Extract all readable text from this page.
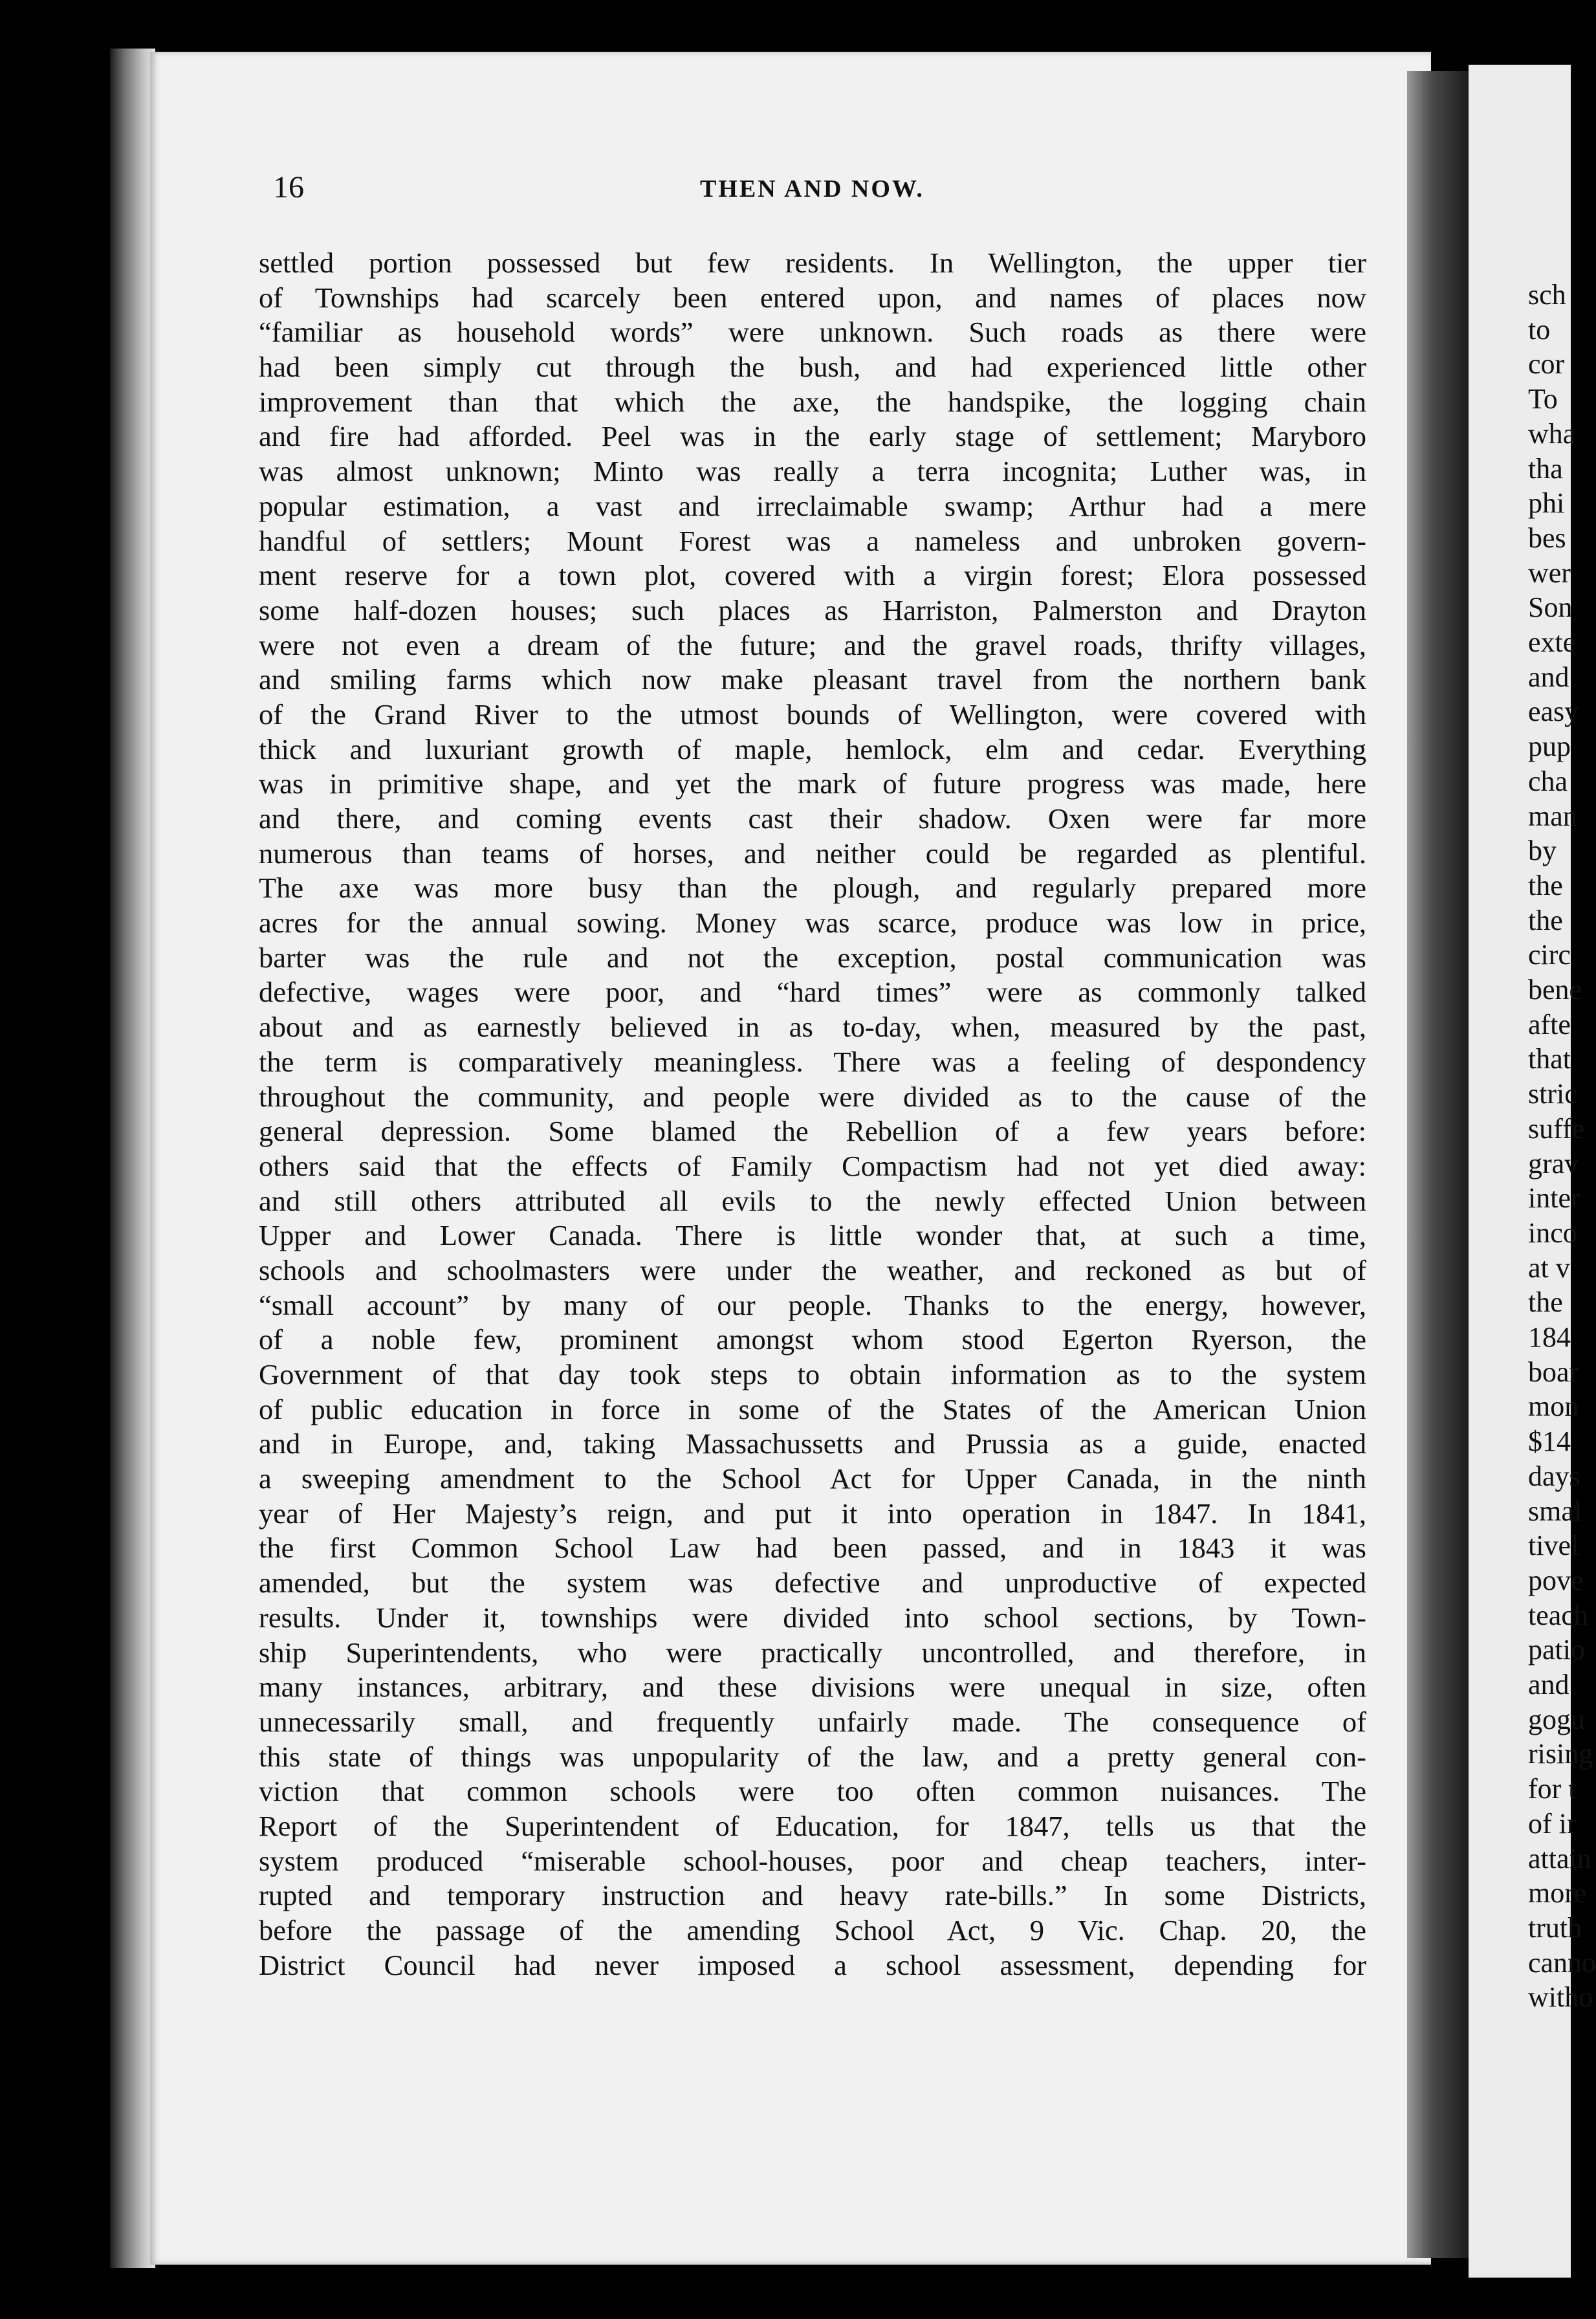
sch
to
cor
To
wha
tha
phi
bes
wer
Son
exte
and
easy
pup
cha
man
by
the
the
circ
bene
afte
that
stric
suffe
grav
inter
inco
at v
the
184
boar
mon
$14
days
smal
tivel
pove
teach
patio
and
gogu
rising
for t
of ir
attain
more
truth
canno
witho
16	THEN AND NOW.
settled portion possessed but few residents. In Wellington, the upper tier
of Townships had scarcely been entered upon, and names of places now
“familiar as household words” were unknown. Such roads as there were
had been simply cut through the bush, and had experienced little other
improvement than that which the axe, the handspike, the logging chain
and fire had afforded. Peel was in the early stage of settlement; Maryboro
was almost unknown; Minto was really a terra incognita; Luther was, in
popular estimation, a vast and irreclaimable swamp; Arthur had a mere
handful of settlers; Mount Forest was a nameless and unbroken govern-
ment reserve for a town plot, covered with a virgin forest; Elora possessed
some half-dozen houses; such places as Harriston, Palmerston and Drayton
were not even a dream of the future; and the gravel roads, thrifty villages,
and smiling farms which now make pleasant travel from the northern bank
of the Grand River to the utmost bounds of Wellington, were covered with
thick and luxuriant growth of maple, hemlock, elm and cedar. Everything
was in primitive shape, and yet the mark of future progress was made, here
and there, and coming events cast their shadow. Oxen were far more
numerous than teams of horses, and neither could be regarded as plentiful.
The axe was more busy than the plough, and regularly prepared more
acres for the annual sowing. Money was scarce, produce was low in price,
barter was the rule and not the exception, postal communication was
defective, wages were poor, and “hard times” were as commonly talked
about and as earnestly believed in as to-day, when, measured by the past,
the term is comparatively meaningless. There was a feeling of despondency
throughout the community, and people were divided as to the cause of the
general depression. Some blamed the Rebellion of a few years before:
others said that the effects of Family Compactism had not yet died away:
and still others attributed all evils to the newly effected Union between
Upper and Lower Canada. There is little wonder that, at such a time,
schools and schoolmasters were under the weather, and reckoned as but of
“small account” by many of our people. Thanks to the energy, however,
of a noble few, prominent amongst whom stood Egerton Ryerson, the
Government of that day took steps to obtain information as to the system
of public education in force in some of the States of the American Union
and in Europe, and, taking Massachussetts and Prussia as a guide, enacted
a sweeping amendment to the School Act for Upper Canada, in the ninth
year of Her Majesty’s reign, and put it into operation in 1847. In 1841,
the first Common School Law had been passed, and in 1843 it was
amended, but the system was defective and unproductive of expected
results. Under it, townships were divided into school sections, by Town-
ship Superintendents, who were practically uncontrolled, and therefore, in
many instances, arbitrary, and these divisions were unequal in size, often
unnecessarily small, and frequently unfairly made. The consequence of
this state of things was unpopularity of the law, and a pretty general con-
viction that common schools were too often common nuisances. The
Report of the Superintendent of Education, for 1847, tells us that the
system produced “miserable school-houses, poor and cheap teachers, inter-
rupted and temporary instruction and heavy rate-bills.” In some Districts,
before the passage of the amending School Act, 9 Vic. Chap. 20, the
District Council had never imposed a school assessment, depending for
